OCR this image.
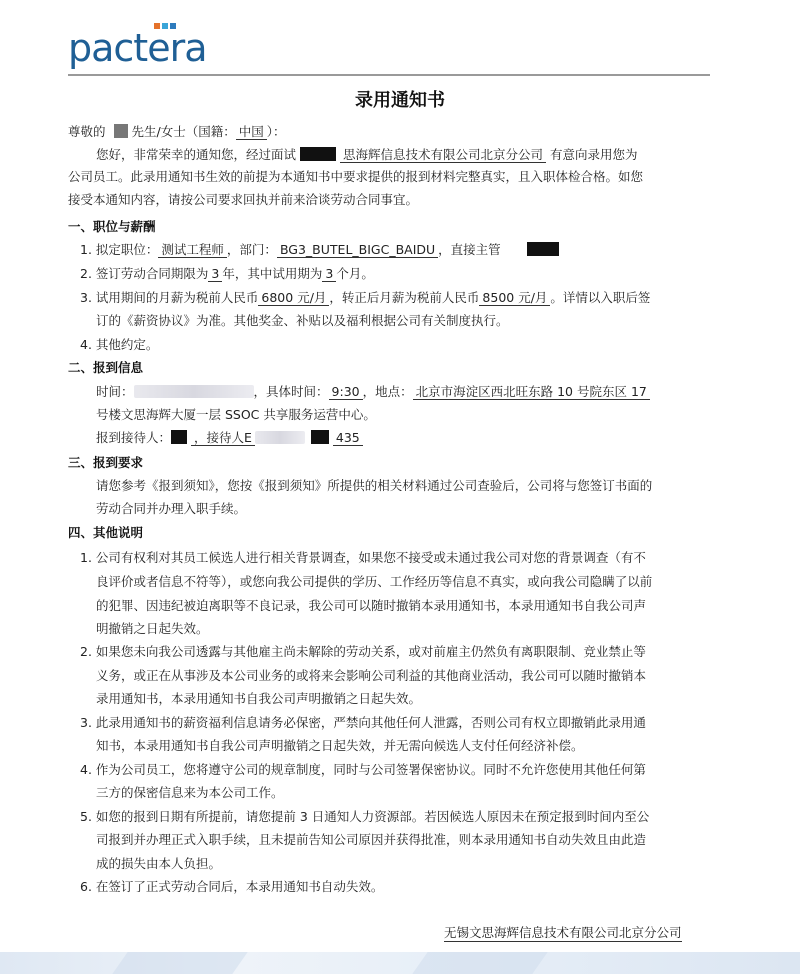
pactera
录用通知书
尊敬的 先生/女士（国籍： 中国 ）：
您好，非常荣幸的通知您，经过面试	思海辉信息技术有限公司北京分公司 有意向录用您为
公司员工。此录用通知书生效的前提为本通知书中要求提供的报到材料完整真实，且入职体检合格。如您
接受本通知内容，请按公司要求回执并前来洽谈劳动合同事宜。
一、职位与薪酬
1. 拟定职位： 测试工程师 ，部门： BG3_BUTEL_BIGC_BAIDU ，直接主管
2. 签订劳动合同期限为 3 年，其中试用期为 3 个月。
3. 试用期间的月薪为税前人民币 6800 元/月 ，转正后月薪为税前人民币 8500 元/月 。详情以入职后签
订的《薪资协议》为准。其他奖金、补贴以及福利根据公司有关制度执行。
4. 其他约定。
二、报到信息
时间：	，具体时间： 9:30 ，地点： 北京市海淀区西北旺东路 10 号院东区 17
号楼文思海辉大厦一层 SSOC 共享服务运营中心。
报到接待人： ，接待人E	435
三、报到要求
请您参考《报到须知》，您按《报到须知》所提供的相关材料通过公司查验后，公司将与您签订书面的
劳动合同并办理入职手续。
四、其他说明
1. 公司有权利对其员工候选人进行相关背景调查，如果您不接受或未通过我公司对您的背景调查（有不
良评价或者信息不符等），或您向我公司提供的学历、工作经历等信息不真实，或向我公司隐瞒了以前
的犯罪、因违纪被迫离职等不良记录，我公司可以随时撤销本录用通知书，本录用通知书自我公司声
明撤销之日起失效。
2. 如果您未向我公司透露与其他雇主尚未解除的劳动关系，或对前雇主仍然负有离职限制、竞业禁止等
义务，或正在从事涉及本公司业务的或将来会影响公司利益的其他商业活动，我公司可以随时撤销本
录用通知书，本录用通知书自我公司声明撤销之日起失效。
3. 此录用通知书的薪资福利信息请务必保密，严禁向其他任何人泄露，否则公司有权立即撤销此录用通
知书，本录用通知书自我公司声明撤销之日起失效，并无需向候选人支付任何经济补偿。
4. 作为公司员工，您将遵守公司的规章制度，同时与公司签署保密协议。同时不允许您使用其他任何第
三方的保密信息来为本公司工作。
5. 如您的报到日期有所提前，请您提前 3 日通知人力资源部。若因候选人原因未在预定报到时间内至公
司报到并办理正式入职手续，且未提前告知公司原因并获得批准，则本录用通知书自动失效且由此造
成的损失由本人负担。
6. 在签订了正式劳动合同后，本录用通知书自动失效。
无锡文思海辉信息技术有限公司北京分公司
